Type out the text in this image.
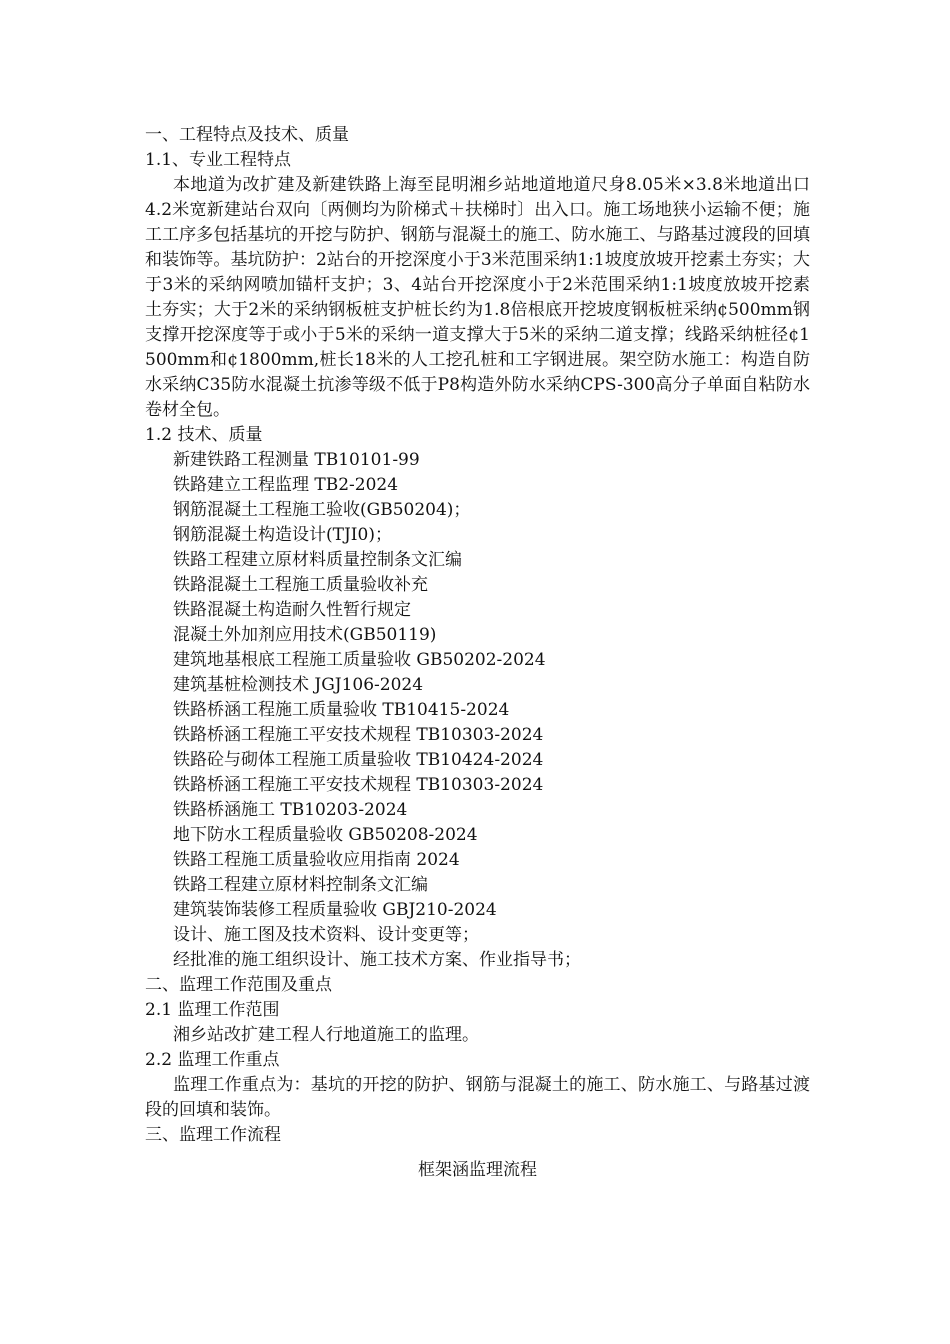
一、工程特点及技术、质量
1.1、专业工程特点
本地道为改扩建及新建铁路上海至昆明湘乡站地道地道尺身8.05米×3.8米地道出口4.2米宽新建站台双向〔两侧均为阶梯式＋扶梯时〕出入口。施工场地狭小运输不便；施工工序多包括基坑的开挖与防护、钢筋与混凝土的施工、防水施工、与路基过渡段的回填和装饰等。基坑防护：2站台的开挖深度小于3米范围采纳1:1坡度放坡开挖素土夯实；大于3米的采纳网喷加锚杆支护；3、4站台开挖深度小于2米范围采纳1:1坡度放坡开挖素土夯实；大于2米的采纳钢板桩支护桩长约为1.8倍根底开挖坡度钢板桩采纳¢500mm钢支撑开挖深度等于或小于5米的采纳一道支撑大于5米的采纳二道支撑；线路采纳桩径¢1500mm和¢1800mm,桩长18米的人工挖孔桩和工字钢进展。架空防水施工：构造自防水采纳C35防水混凝土抗渗等级不低于P8构造外防水采纳CPS-300高分子单面自粘防水卷材全包。
1.2 技术、质量
新建铁路工程测量 TB10101-99
铁路建立工程监理 TB2-2024
钢筋混凝土工程施工验收(GB50204)；
钢筋混凝土构造设计(TJI0)；
铁路工程建立原材料质量控制条文汇编
铁路混凝土工程施工质量验收补充
铁路混凝土构造耐久性暂行规定
混凝土外加剂应用技术(GB50119)
建筑地基根底工程施工质量验收 GB50202-2024
建筑基桩检测技术 JGJ106-2024
铁路桥涵工程施工质量验收 TB10415-2024
铁路桥涵工程施工平安技术规程 TB10303-2024
铁路砼与砌体工程施工质量验收 TB10424-2024
铁路桥涵工程施工平安技术规程 TB10303-2024
铁路桥涵施工 TB10203-2024
地下防水工程质量验收 GB50208-2024
铁路工程施工质量验收应用指南 2024
铁路工程建立原材料控制条文汇编
建筑装饰装修工程质量验收 GBJ210-2024
设计、施工图及技术资料、设计变更等；
经批准的施工组织设计、施工技术方案、作业指导书；
二、监理工作范围及重点
2.1 监理工作范围
湘乡站改扩建工程人行地道施工的监理。
2.2 监理工作重点
监理工作重点为：基坑的开挖的防护、钢筋与混凝土的施工、防水施工、与路基过渡段的回填和装饰。
三、监理工作流程
框架涵监理流程
